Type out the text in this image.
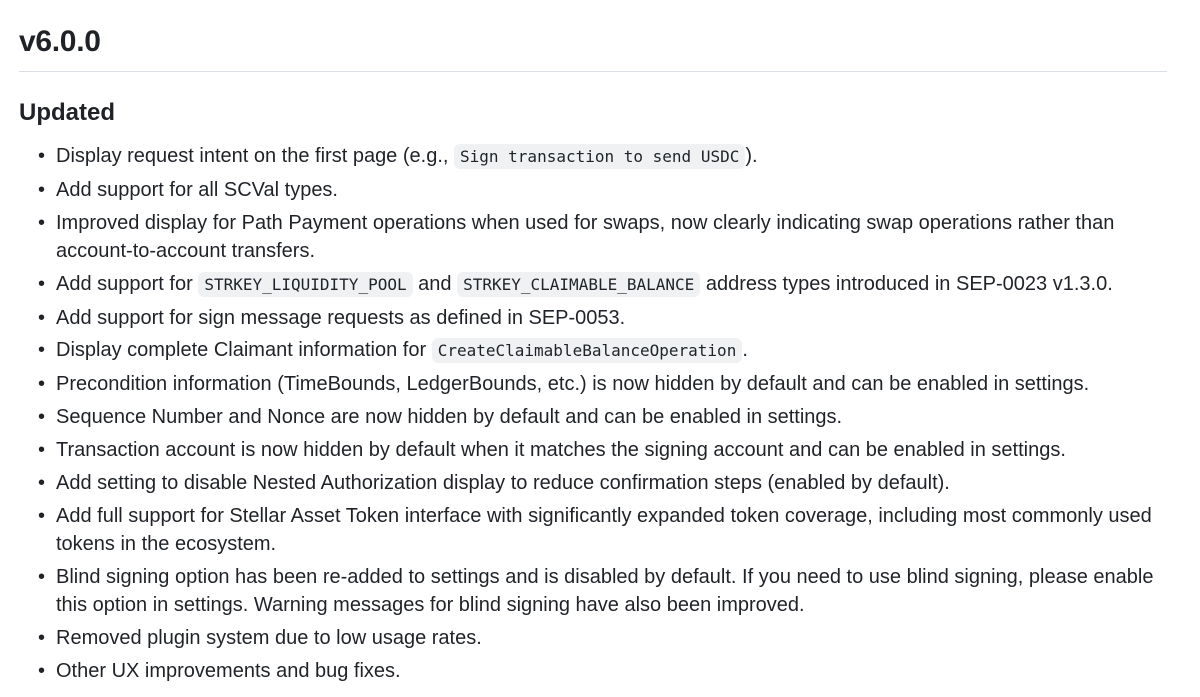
v6.0.0
Updated
• Display request intent on the first page (e.g., Sign transaction to send USDC ).
• Add support for all SCVal types.
• Improved display for Path Payment operations when used for swaps, now clearly indicating swap operations rather than account-to-account transfers.
• Add support for STRKEY_LIQUIDITY_POOL and STRKEY_CLAIMABLE_BALANCE address types introduced in SEP-0023 v1.3.0.
• Add support for sign message requests as defined in SEP-0053.
• Display complete Claimant information for CreateClaimableBalanceOperation .
• Precondition information (TimeBounds, LedgerBounds, etc.) is now hidden by default and can be enabled in settings.
• Sequence Number and Nonce are now hidden by default and can be enabled in settings.
• Transaction account is now hidden by default when it matches the signing account and can be enabled in settings.
• Add setting to disable Nested Authorization display to reduce confirmation steps (enabled by default).
• Add full support for Stellar Asset Token interface with significantly expanded token coverage, including most commonly used tokens in the ecosystem.
• Blind signing option has been re-added to settings and is disabled by default. If you need to use blind signing, please enable this option in settings. Warning messages for blind signing have also been improved.
• Removed plugin system due to low usage rates.
• Other UX improvements and bug fixes.
